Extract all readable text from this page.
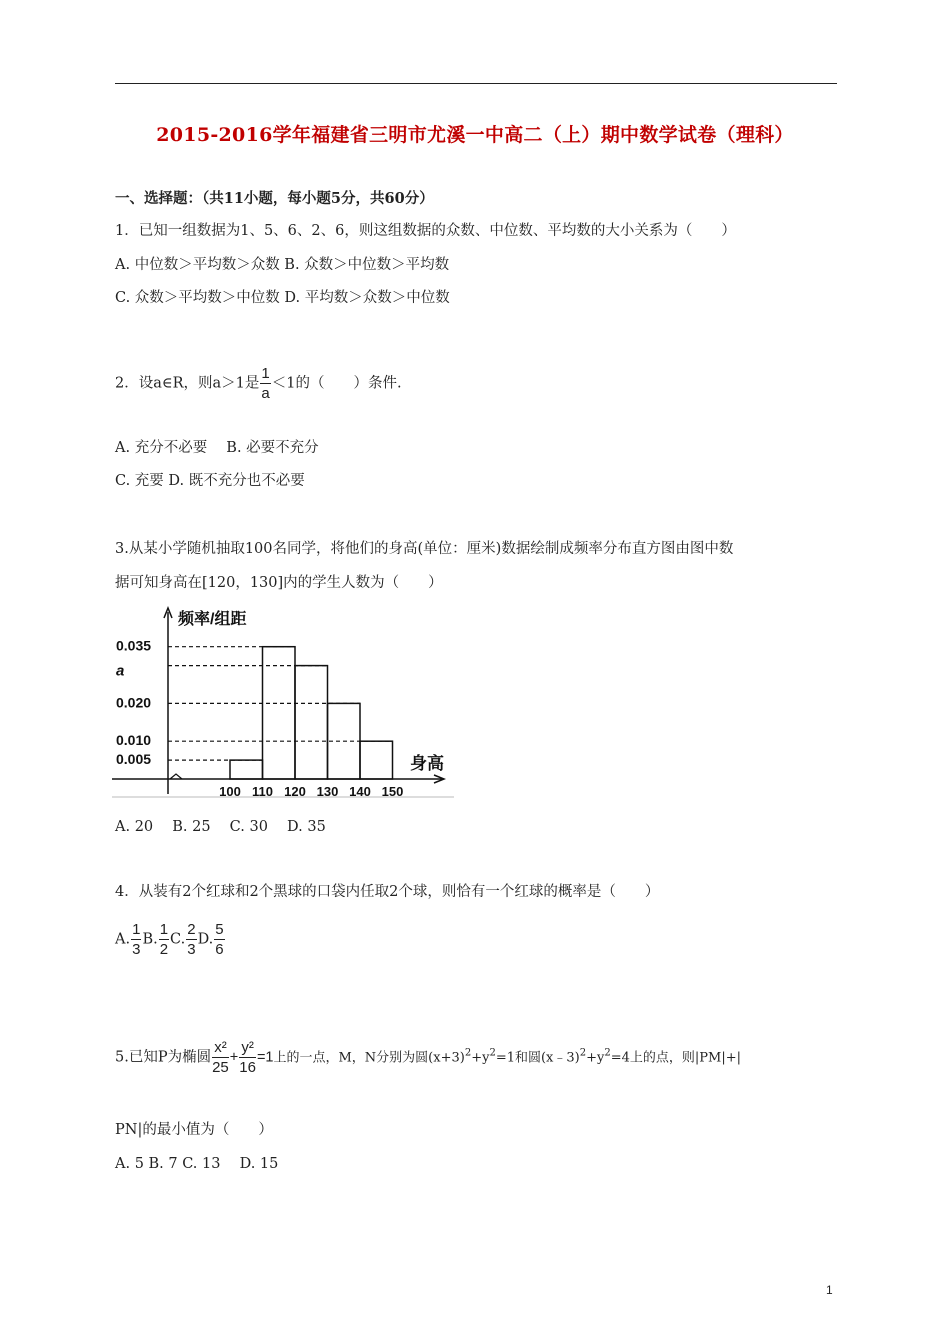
2015-2016学年福建省三明市尤溪一中高二（上）期中数学试卷（理科）
一、选择题：（共11小题，每小题5分，共60分）
1．已知一组数据为1、5、6、2、6，则这组数据的众数、中位数、平均数的大小关系为（　　）
A. 中位数＞平均数＞众数 B. 众数＞中位数＞平均数
C. 众数＞平均数＞中位数 D. 平均数＞众数＞中位数
2．设a∈R，则a＞1是 $\frac{1}{a} <1$的（　　）条件.
A. 充分不必要　 B. 必要不充分
C. 充要 D. 既不充分也不必要
3.从某小学随机抽取100名同学，将他们的身高(单位：厘米)数据绘制成频率分布直方图由图中数
据可知身高在[120，130]内的学生人数为（　　）
0.035
a
0.020
0.010
0.005
100 110 120 130 140 150
频率/组距
身高
A. 20　 B. 25　 C. 30　 D. 35
4．从装有2个红球和2个黑球的口袋内任取2个球，则恰有一个红球的概率是（　　）
A. $\frac{1}{3} B$. $\frac{1}{2} C$. $\frac{2}{3} D$. $\frac{5}{6}$
5.已知P为椭圆 $\frac{\text{x²}}{25} + \frac{\text{y²}}{16} =1$上的一点，M，N分别为圆$(x+3)^2+y^2=1$和圆$(x﹣3)^2+y^2=4$上的点，则|PM|+|
PN|的最小值为（　　）
A. 5 B. 7 C. 13　 D. 15
1
